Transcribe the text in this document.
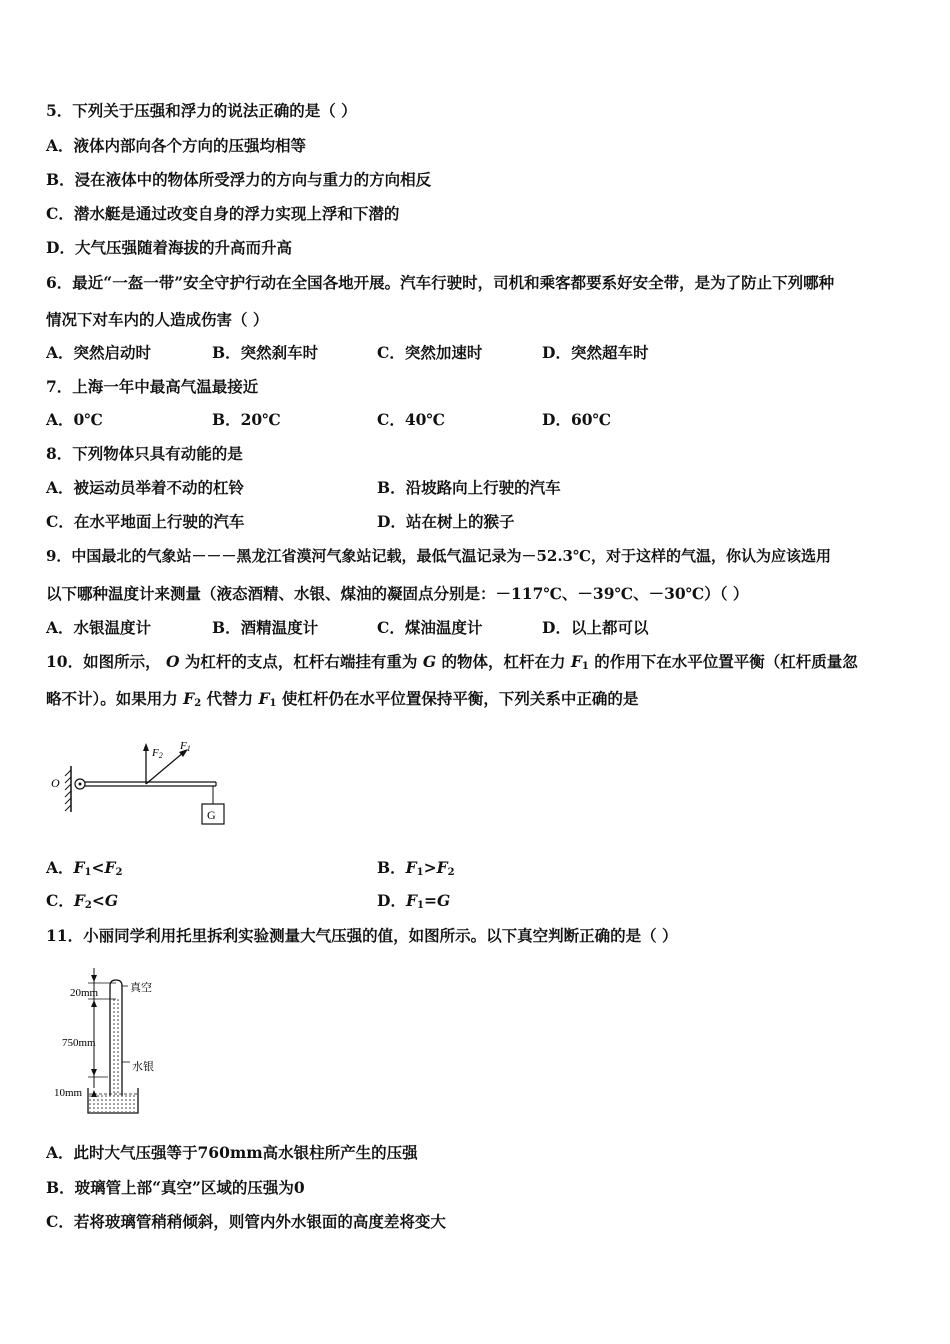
5．下列关于压强和浮力的说法正确的是（ ）
A．液体内部向各个方向的压强均相等
B．浸在液体中的物体所受浮力的方向与重力的方向相反
C．潜水艇是通过改变自身的浮力实现上浮和下潜的
D．大气压强随着海拔的升高而升高
6．最近“一盔一带”安全守护行动在全国各地开展。汽车行驶时，司机和乘客都要系好安全带，是为了防止下列哪种
情况下对车内的人造成伤害（ ）
A．突然启动时	B．突然刹车时	C．突然加速时	D．突然超车时
7．上海一年中最高气温最接近
A．0℃	B．20℃	C．40℃	D．60℃
8．下列物体只具有动能的是
A．被运动员举着不动的杠铃	B．沿坡路向上行驶的汽车
C．在水平地面上行驶的汽车	D．站在树上的猴子
9．中国最北的气象站－－－黑龙江省漠河气象站记载，最低气温记录为－52.3℃，对于这样的气温，你认为应该选用
以下哪种温度计来测量（液态酒精、水银、煤油的凝固点分别是：－117℃、－39℃、－30℃）（ ）
A．水银温度计	B．酒精温度计	C．煤油温度计	D．以上都可以
10．如图所示， O 为杠杆的支点，杠杆右端挂有重为 G 的物体，杠杆在力 $F_1$ 的作用下在水平位置平衡（杠杆质量忽
略不计）。如果用力 $F_2$ 代替力 $F_1$ 使杠杆仍在水平位置保持平衡，下列关系中正确的是
O
F2
F1
G
A．$F_1<F_2$	B．$F_1>F_2$
C．$F_2<G$	D．$F_1=G$
11．小丽同学利用托里拆利实验测量大气压强的值，如图所示。以下真空判断正确的是（ ）
20mm
750mm
10mm
真空
水银
A．此时大气压强等于760mm高水银柱所产生的压强
B．玻璃管上部“真空”区域的压强为0
C．若将玻璃管稍稍倾斜，则管内外水银面的高度差将变大
